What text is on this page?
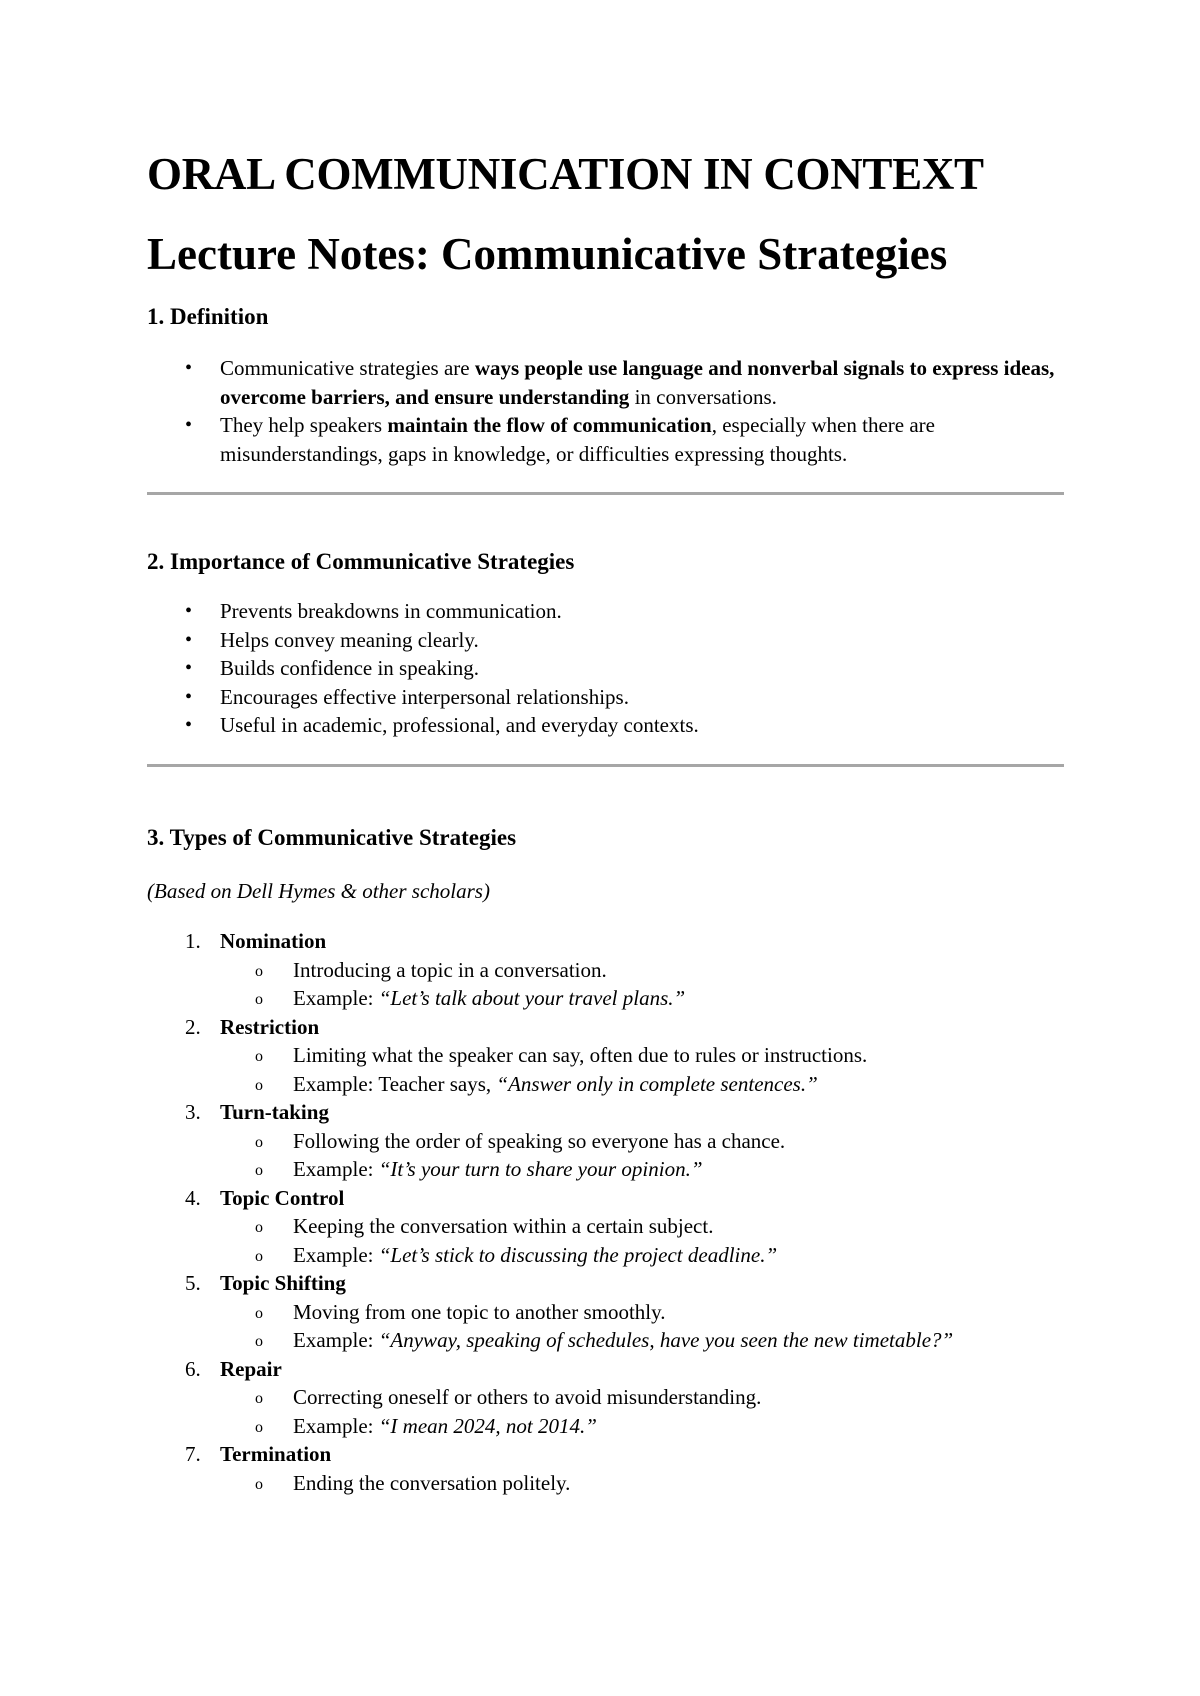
ORAL COMMUNICATION IN CONTEXT
Lecture Notes: Communicative Strategies
1. Definition
• Communicative strategies are ways people use language and nonverbal signals to express ideas, overcome barriers, and ensure understanding in conversations.
• They help speakers maintain the flow of communication, especially when there are misunderstandings, gaps in knowledge, or difficulties expressing thoughts.
2. Importance of Communicative Strategies
• Prevents breakdowns in communication.
• Helps convey meaning clearly.
• Builds confidence in speaking.
• Encourages effective interpersonal relationships.
• Useful in academic, professional, and everyday contexts.
3. Types of Communicative Strategies
(Based on Dell Hymes & other scholars)
1. Nomination
o Introducing a topic in a conversation.
o Example: “Let’s talk about your travel plans.”
2. Restriction
o Limiting what the speaker can say, often due to rules or instructions.
o Example: Teacher says, “Answer only in complete sentences.”
3. Turn-taking
o Following the order of speaking so everyone has a chance.
o Example: “It’s your turn to share your opinion.”
4. Topic Control
o Keeping the conversation within a certain subject.
o Example: “Let’s stick to discussing the project deadline.”
5. Topic Shifting
o Moving from one topic to another smoothly.
o Example: “Anyway, speaking of schedules, have you seen the new timetable?”
6. Repair
o Correcting oneself or others to avoid misunderstanding.
o Example: “I mean 2024, not 2014.”
7. Termination
o Ending the conversation politely.
